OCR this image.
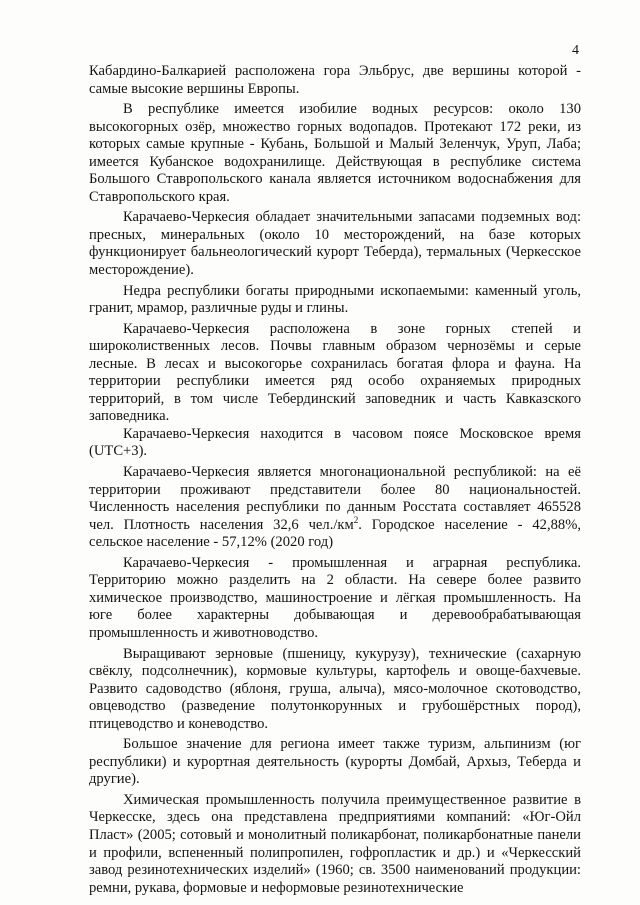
4

Кабардино-Балкарией расположена гора Эльбрус, две вершины которой - самые высокие вершины Европы.

В республике имеется изобилие водных ресурсов: около 130 высокогорных озёр, множество горных водопадов. Протекают 172 реки, из которых самые крупные - Кубань, Большой и Малый Зеленчук, Уруп, Лаба; имеется Кубанское водохранилище. Действующая в республике система Большого Ставропольского канала является источником водоснабжения для Ставропольского края.

Карачаево-Черкесия обладает значительными запасами подземных вод: пресных, минеральных (около 10 месторождений, на базе которых функционирует бальнеологический курорт Теберда), термальных (Черкесское месторождение).

Недра республики богаты природными ископаемыми: каменный уголь, гранит, мрамор, различные руды и глины.

Карачаево-Черкесия расположена в зоне горных степей и широколиственных лесов. Почвы главным образом чернозёмы и серые лесные. В лесах и высокогорье сохранилась богатая флора и фауна. На территории республики имеется ряд особо охраняемых природных территорий, в том числе Тебердинский заповедник и часть Кавказского заповедника.

Карачаево-Черкесия находится в часовом поясе Московское время (UTC+3).

Карачаево-Черкесия является многонациональной республикой: на её территории проживают представители более 80 национальностей. Численность населения республики по данным Росстата составляет 465528 чел. Плотность населения 32,6 $чел./км^2$. Городское население - 42,88%, сельское население - 57,12% (2020 год)

Карачаево-Черкесия - промышленная и аграрная республика. Территорию можно разделить на 2 области. На севере более развито химическое производство, машиностроение и лёгкая промышленность. На юге более характерны добывающая и деревообрабатывающая промышленность и животноводство.

Выращивают зерновые (пшеницу, кукурузу), технические (сахарную свёклу, подсолнечник), кормовые культуры, картофель и овоще-бахчевые. Развито садоводство (яблоня, груша, алыча), мясо-молочное скотоводство, овцеводство (разведение полутонкорунных и грубошёрстных пород), птицеводство и коневодство.

Большое значение для региона имеет также туризм, альпинизм (юг республики) и курортная деятельность (курорты Домбай, Архыз, Теберда и другие).

Химическая промышленность получила преимущественное развитие в Черкесске, здесь она представлена предприятиями компаний: «Юг-Ойл Пласт» (2005; сотовый и монолитный поликарбонат, поликарбонатные панели и профили, вспененный полипропилен, гофропластик и др.) и «Черкесский завод резинотехнических изделий» (1960; св. 3500 наименований продукции: ремни, рукава, формовые и неформовые резинотехнические
